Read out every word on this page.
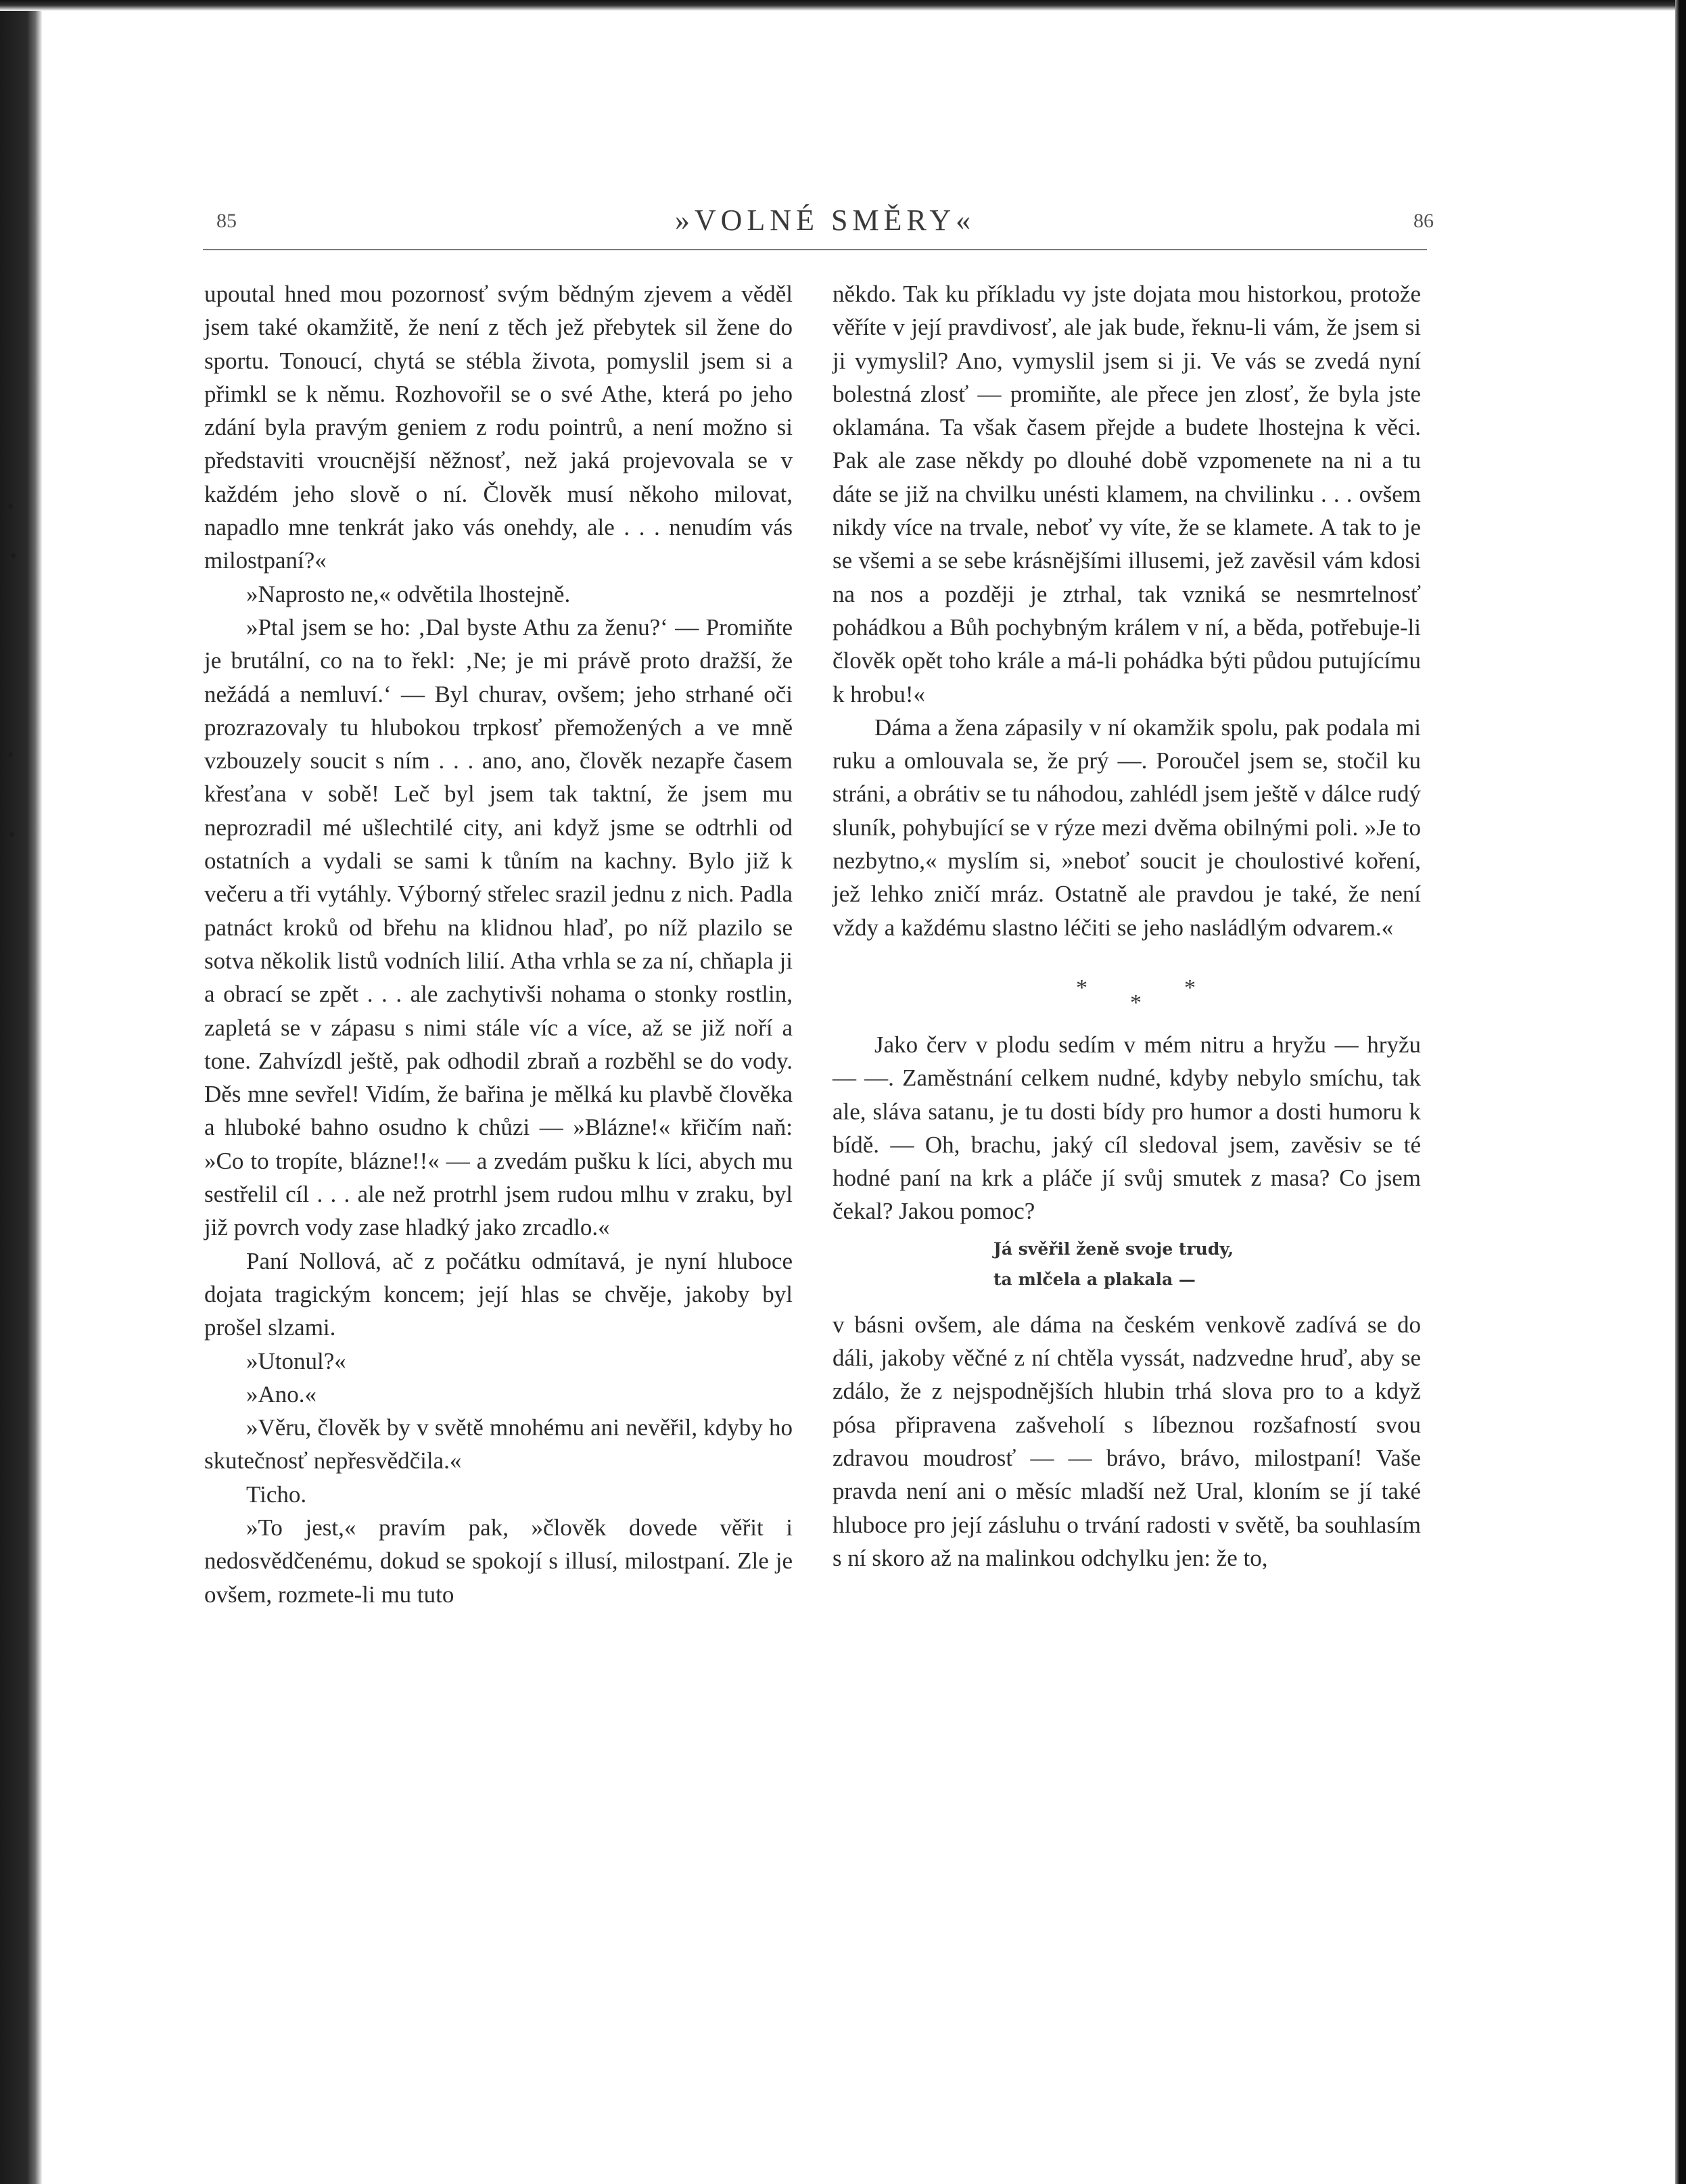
85	»VOLNÉ SMĚRY«	86

upoutal hned mou pozornosť svým bědným zjevem a věděl jsem také okamžitě, že není z těch jež přebytek sil žene do sportu. Tonoucí, chytá se stébla života, pomyslil jsem si a přimkl se k němu. Rozhovořil se o své Athe, která po jeho zdání byla pravým geniem z rodu pointrů, a není možno si představiti vroucnější něžnosť, než jaká projevovala se v každém jeho slově o ní. Člověk musí někoho milovat, napadlo mne tenkrát jako vás onehdy, ale . . . nenudím vás milostpaní?«

»Naprosto ne,« odvětila lhostejně.

»Ptal jsem se ho: ‚Dal byste Athu za ženu?‘ — Promiňte je brutální, co na to řekl: ‚Ne; je mi právě proto dražší, že nežádá a nemluví.‘ — Byl churav, ovšem; jeho strhané oči prozrazovaly tu hlubokou trpkosť přemožených a ve mně vzbouzely soucit s ním . . . ano, ano, člověk nezapře časem křesťana v sobě! Leč byl jsem tak taktní, že jsem mu neprozradil mé ušlechtilé city, ani když jsme se odtrhli od ostatních a vydali se sami k tůním na kachny. Bylo již k večeru a tři vytáhly. Výborný střelec srazil jednu z nich. Padla patnáct kroků od břehu na klidnou hlaď, po níž plazilo se sotva několik listů vodních lilií. Atha vrhla se za ní, chňapla ji a obrací se zpět . . . ale zachytivši nohama o stonky rostlin, zapletá se v zápasu s nimi stále víc a více, až se již noří a tone. Zahvízdl ještě, pak odhodil zbraň a rozběhl se do vody. Děs mne sevřel! Vidím, že bařina je mělká ku plavbě člověka a hluboké bahno osudno k chůzi — »Blázne!« křičím naň: »Co to tropíte, blázne!!« — a zvedám pušku k líci, abych mu sestřelil cíl . . . ale než protrhl jsem rudou mlhu v zraku, byl již povrch vody zase hladký jako zrcadlo.«

Paní Nollová, ač z počátku odmítavá, je nyní hluboce dojata tragickým koncem; její hlas se chvěje, jakoby byl prošel slzami.

»Utonul?«

»Ano.«

»Věru, člověk by v světě mnohému ani nevěřil, kdyby ho skutečnosť nepřesvědčila.«

Ticho.

»To jest,« pravím pak, »člověk dovede věřit i nedosvědčenému, dokud se spokojí s illusí, milostpaní. Zle je ovšem, rozmete-li mu tuto

někdo. Tak ku příkladu vy jste dojata mou historkou, protože věříte v její pravdivosť, ale jak bude, řeknu-li vám, že jsem si ji vymyslil? Ano, vymyslil jsem si ji. Ve vás se zvedá nyní bolestná zlosť — promiňte, ale přece jen zlosť, že byla jste oklamána. Ta však časem přejde a budete lhostejna k věci. Pak ale zase někdy po dlouhé době vzpomenete na ni a tu dáte se již na chvilku unésti klamem, na chvilinku . . . ovšem nikdy více na trvale, neboť vy víte, že se klamete. A tak to je se všemi a se sebe krásnějšími illusemi, jež zavěsil vám kdosi na nos a později je ztrhal, tak vzniká se nesmrtelnosť pohádkou a Bůh pochybným králem v ní, a běda, potřebuje-li člověk opět toho krále a má-li pohádka býti půdou putujícímu k hrobu!«

Dáma a žena zápasily v ní okamžik spolu, pak podala mi ruku a omlouvala se, že prý —. Poroučel jsem se, stočil ku stráni, a obrátiv se tu náhodou, zahlédl jsem ještě v dálce rudý sluník, pohybující se v rýze mezi dvěma obilnými poli. »Je to nezbytno,« myslím si, »neboť soucit je choulostivé koření, jež lehko zničí mráz. Ostatně ale pravdou je také, že není vždy a každému slastno léčiti se jeho nasládlým odvarem.«

*
*
*

Jako červ v plodu sedím v mém nitru a hryžu — hryžu — —. Zaměstnání celkem nudné, kdyby nebylo smíchu, tak ale, sláva satanu, je tu dosti bídy pro humor a dosti humoru k bídě. — Oh, brachu, jaký cíl sledoval jsem, zavěsiv se té hodné paní na krk a pláče jí svůj smutek z masa? Co jsem čekal? Jakou pomoc?

Já svěřil ženě svoje trudy,
ta mlčela a plakala —

v básni ovšem, ale dáma na českém venkově zadívá se do dáli, jakoby věčné z ní chtěla vyssát, nadzvedne hruď, aby se zdálo, že z nejspodnějších hlubin trhá slova pro to a když pósa připravena zašveholí s líbeznou rozšafností svou zdravou moudrosť — — brávo, brávo, milostpaní! Vaše pravda není ani o měsíc mladší než Ural, kloním se jí také hluboce pro její zásluhu o trvání radosti v světě, ba souhlasím s ní skoro až na malinkou odchylku jen: že to,
